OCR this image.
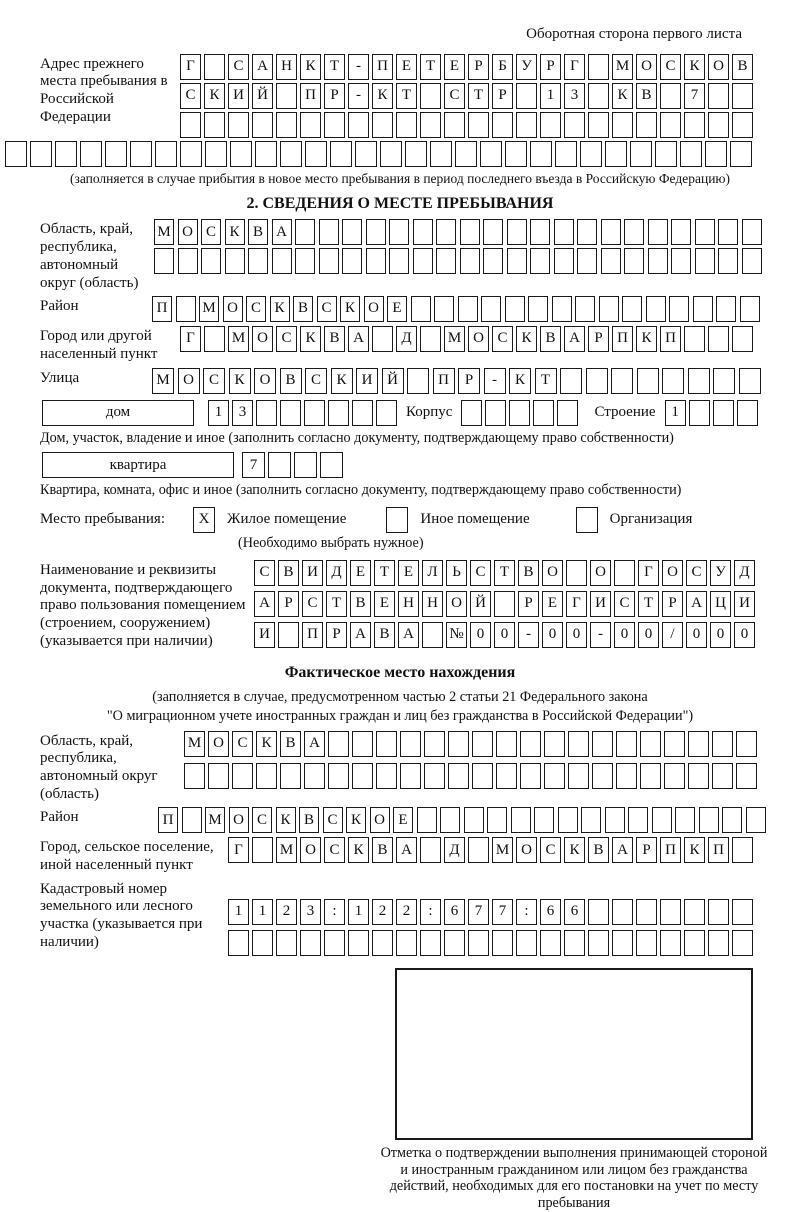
Оборотная сторона первого листа
Адрес прежнего места пребывания в Российской Федерации
Г	С А Н К Т	-	П Е Т Е	Р	Б У Р	Г	М О С К О В
С К И Й	П Р	-	К Т	С Т	Р	1	3	К В	7
(заполняется в случае прибытия в новое место пребывания в период последнего въезда в Российскую Федерацию)
2. СВЕДЕНИЯ О МЕСТЕ ПРЕБЫВАНИЯ
Область, край, республика, автономный округ (область)
М О С К В А
Район	П	М О С К В С К О Е
Город или другой населенный пункт
Г	М О С К В А	Д	М О С К В А Р П К П
Улица	М О	С	К	О	В	С	К	И Й	П	Р	-	К	Т
дом	1	3	Корпус	Строение	1
Дом, участок, владение и иное (заполнить согласно документу, подтверждающему право собственности)
квартира	7
Квартира, комната, офис и иное (заполнить согласно документу, подтверждающему право собственности)
Место пребывания:	X	Жилое помещение	Иное помещение	Организация
(Необходимо выбрать нужное)
Наименование и реквизиты документа, подтверждающего право пользования помещением (строением, сооружением) (указывается при наличии)
С В И Д Е Т Е Л Ь С Т В О	О	Г О С У Д
А Р С Т В Е Н Н О Й	Р	Е	Г И С Т	Р А Ц И
И	П Р А В А	№ 0	0	-	0	0	-	0	0	/	0	0	0
Фактическое место нахождения
(заполняется в случае, предусмотренном частью 2 статьи 21 Федерального закона
"О миграционном учете иностранных граждан и лиц без гражданства в Российской Федерации")
Область, край, республика, автономный округ (область)
М О С К В А
Район	П	М О С К В С К О Е
Город, сельское поселение, иной населенный пункт
Г	М О С К В А	Д	М О С К В А Р П К П
Кадастровый номер земельного или лесного участка (указывается при наличии)
1	1	2	3	:	1	2	2	:	6	7	7	:	6	6
Отметка о подтверждении выполнения принимающей стороной и иностранным гражданином или лицом без гражданства действий, необходимых для его постановки на учет по месту пребывания
